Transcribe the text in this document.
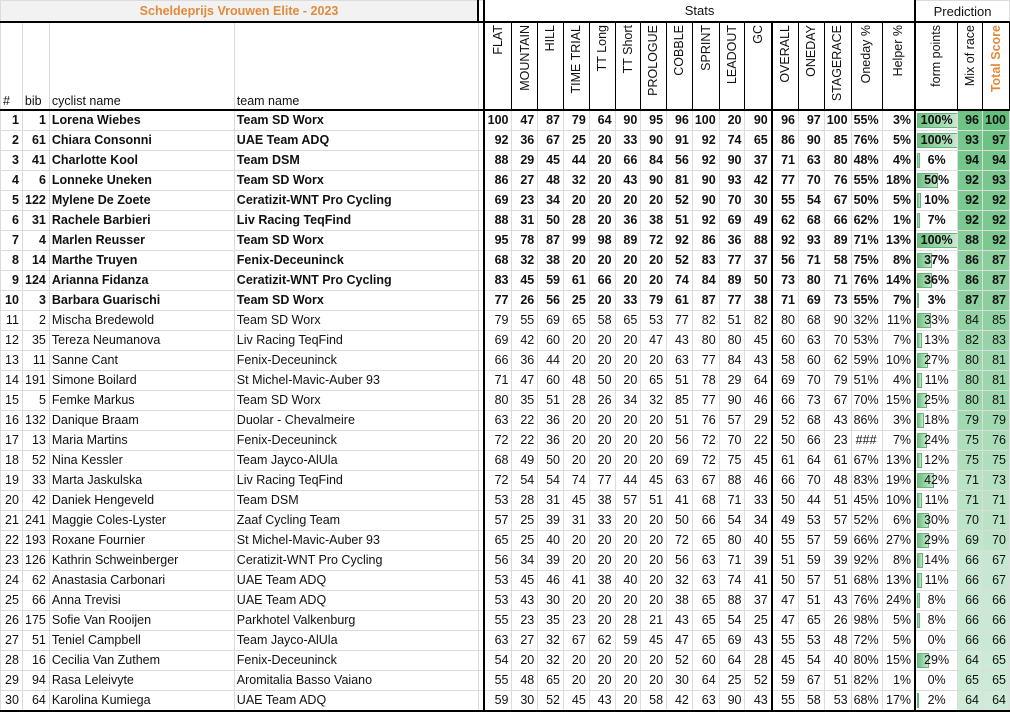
Scheldeprijs Vrouwen Elite - 2023					Stats																Prediction		
#	bib	cyclist name	team name		FLAT	MOUNTAIN	HILL	TIME TRIAL	TT Long	TT Short	PROLOGUE	COBBLE	SPRINT	LEADOUT	GC	OVERALL	ONEDAY	STAGERACE	Oneday %	Helper %	form points	Mix of race	Total Score
1	1	Lorena Wiebes	Team SD Worx		100	47	87	79	64	90	95	96	100	20	90	96	97	100	55%	3%	100%	96	100
2	61	Chiara Consonni	UAE Team ADQ		92	36	67	25	20	33	90	91	92	74	65	86	90	85	76%	5%	100%	93	97
3	41	Charlotte Kool	Team DSM		88	29	45	44	20	66	84	56	92	90	37	71	63	80	48%	4%	6%	94	94
4	6	Lonneke Uneken	Team SD Worx		86	27	48	32	20	43	90	81	90	93	42	77	70	76	55%	18%	50%	92	93
5	122	Mylene De Zoete	Ceratizit-WNT Pro Cycling		69	23	34	20	20	20	20	52	90	70	30	55	54	67	50%	5%	10%	92	92
6	31	Rachele Barbieri	Liv Racing TeqFind		88	31	50	28	20	36	38	51	92	69	49	62	68	66	62%	1%	7%	92	92
7	4	Marlen Reusser	Team SD Worx		95	78	87	99	98	89	72	92	86	36	88	92	93	89	71%	13%	100%	88	92
8	14	Marthe Truyen	Fenix-Deceuninck		68	32	38	20	20	20	20	52	83	77	37	56	71	58	75%	8%	37%	86	87
9	124	Arianna Fidanza	Ceratizit-WNT Pro Cycling		83	45	59	61	66	20	20	74	84	89	50	73	80	71	76%	14%	36%	86	87
10	3	Barbara Guarischi	Team SD Worx		77	26	56	25	20	33	79	61	87	77	38	71	69	73	55%	7%	3%	87	87
11	2	Mischa Bredewold	Team SD Worx		79	55	69	65	58	65	53	77	82	51	82	80	68	90	32%	11%	33%	84	85
12	35	Tereza Neumanova	Liv Racing TeqFind		69	42	60	20	20	20	47	43	80	80	45	60	63	70	53%	7%	13%	82	83
13	11	Sanne Cant	Fenix-Deceuninck		66	36	44	20	20	20	20	63	77	84	43	58	60	62	59%	10%	27%	80	81
14	191	Simone Boilard	St Michel-Mavic-Auber 93		71	47	60	48	50	20	65	51	78	29	64	69	70	79	51%	4%	11%	80	81
15	5	Femke Markus	Team SD Worx		80	35	51	28	26	34	32	85	77	90	46	66	73	67	70%	15%	25%	80	81
16	132	Danique Braam	Duolar - Chevalmeire		63	22	36	20	20	20	20	51	76	57	29	52	68	43	86%	3%	18%	79	79
17	13	Maria Martins	Fenix-Deceuninck		72	22	36	20	20	20	20	56	72	70	22	50	66	23	###	7%	24%	75	76
18	52	Nina Kessler	Team Jayco-AlUla		68	49	50	20	20	20	20	69	72	75	45	61	64	61	67%	13%	12%	75	75
19	33	Marta Jaskulska	Liv Racing TeqFind		72	54	54	74	77	44	45	63	67	88	46	66	70	48	83%	19%	42%	71	73
20	42	Daniek Hengeveld	Team DSM		53	28	31	45	38	57	51	41	68	71	33	50	44	51	45%	10%	11%	71	71
21	241	Maggie Coles-Lyster	Zaaf Cycling Team		57	25	39	31	33	20	20	50	66	54	34	49	53	57	52%	6%	30%	70	71
22	193	Roxane Fournier	St Michel-Mavic-Auber 93		65	25	40	20	20	20	20	72	65	80	40	55	57	59	66%	27%	29%	69	70
23	126	Kathrin Schweinberger	Ceratizit-WNT Pro Cycling		56	34	39	20	20	20	20	56	63	71	39	51	59	39	92%	8%	14%	66	67
24	62	Anastasia Carbonari	UAE Team ADQ		53	45	46	41	38	40	20	32	63	74	41	50	57	51	68%	13%	11%	66	67
25	66	Anna Trevisi	UAE Team ADQ		53	43	30	20	20	20	20	38	65	88	37	47	51	43	76%	24%	8%	66	66
26	175	Sofie Van Rooijen	Parkhotel Valkenburg		55	23	35	23	20	28	21	43	65	54	25	47	65	26	98%	5%	8%	66	66
27	51	Teniel Campbell	Team Jayco-AlUla		63	27	32	67	62	59	45	47	65	69	43	55	53	48	72%	5%	0%	66	66
28	16	Cecilia Van Zuthem	Fenix-Deceuninck		54	20	32	20	20	20	20	52	60	64	28	45	54	40	80%	15%	29%	64	65
29	94	Rasa Leleivyte	Aromitalia Basso Vaiano		55	48	65	20	20	20	20	30	64	25	52	59	67	51	82%	1%	0%	65	65
30	64	Karolina Kumiega	UAE Team ADQ		59	30	52	45	43	20	58	42	63	90	43	55	58	53	68%	17%	2%	64	64
